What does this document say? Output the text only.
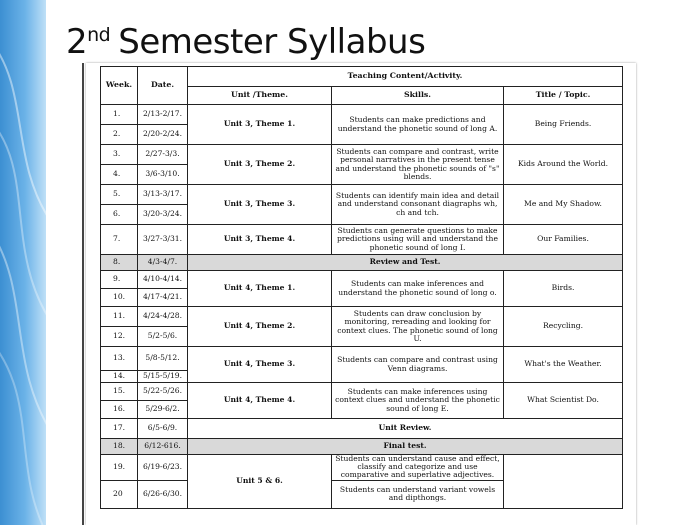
2nd Semester Syllabus
Week.	Date.	Teaching Content/Activity.		
		Unit /Theme.	Skills.	Title / Topic.
1.	2/13-2/17.	Unit 3, Theme 1.	Students can make predictions and understand the phonetic sound of long A.	Being Friends.
2.	2/20-2/24.			
3.	2/27-3/3.	Unit 3, Theme 2.	Students can compare and contrast, write personal narratives in the present tense and understand the phonetic sounds of "s" blends.	Kids Around the World.
4.	3/6-3/10.			
5.	3/13-3/17.	Unit 3, Theme 3.	Students can identify main idea and detail and understand consonant diagraphs wh, ch and tch.	Me and My Shadow.
6.	3/20-3/24.			
7.	3/27-3/31.	Unit 3, Theme 4.	Students can generate questions to make predictions using will and understand the phonetic sound of long I.	Our Families.
8.	4/3-4/7.	Review and Test.		
9.	4/10-4/14.	Unit 4, Theme 1.	Students can make inferences and understand the phonetic sound of long o.	Birds.
10.	4/17-4/21.			
11.	4/24-4/28.	Unit 4, Theme 2.	Students can draw conclusion by monitoring, rereading and looking for context clues. The phonetic sound of long U.	Recycling.
12.	5/2-5/6.			
13.	5/8-5/12.	Unit 4, Theme 3.	Students can compare and contrast using Venn diagrams.	What's the Weather.
14.	5/15-5/19.			
15.	5/22-5/26.	Unit 4, Theme 4.	Students can make inferences using context clues and understand the phonetic sound of long E.	What Scientist Do.
16.	5/29-6/2.			
17.	6/5-6/9.	Unit Review.		
18.	6/12-616.	Final test.		
19.	6/19-6/23.	Unit 5 & 6.	Students can understand cause and effect, classify and categorize and use comparative and superlative adjectives.	
20	6/26-6/30.		Students can understand variant vowels and dipthongs.	
